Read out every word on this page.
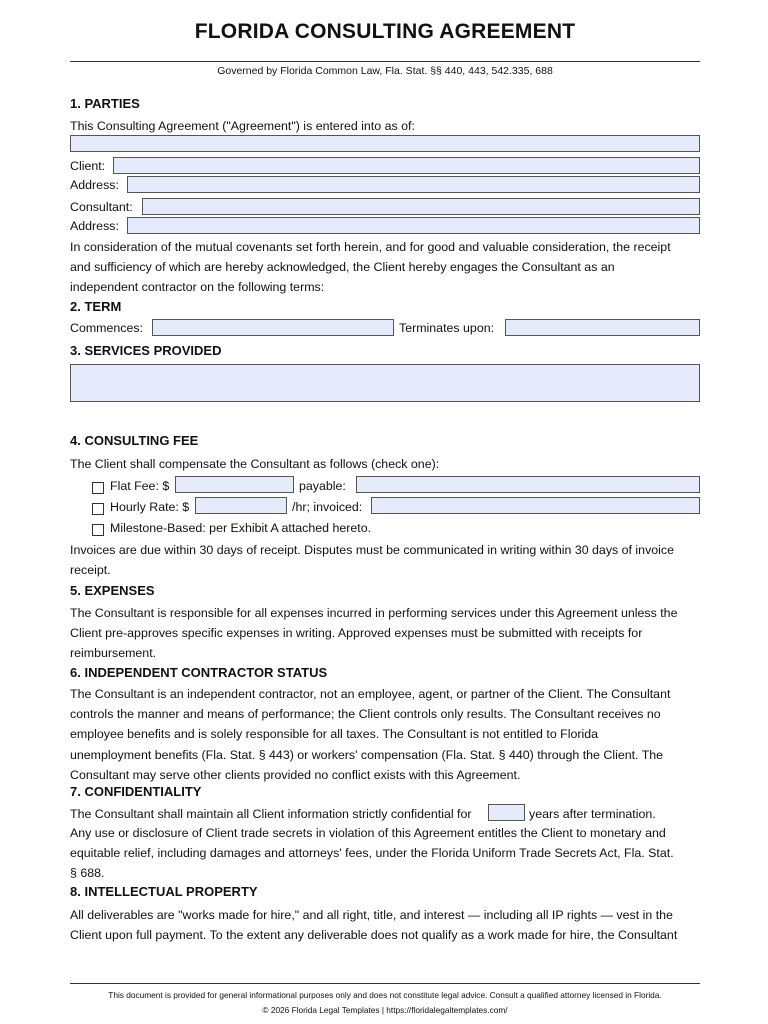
FLORIDA CONSULTING AGREEMENT
Governed by Florida Common Law, Fla. Stat. §§ 440, 443, 542.335, 688
1. PARTIES
This Consulting Agreement ("Agreement") is entered into as of:
Client:
Address:
Consultant:
Address:
In consideration of the mutual covenants set forth herein, and for good and valuable consideration, the receipt
and sufficiency of which are hereby acknowledged, the Client hereby engages the Consultant as an
independent contractor on the following terms:
2. TERM
Commences:	Terminates upon:
3. SERVICES PROVIDED
4. CONSULTING FEE
The Client shall compensate the Consultant as follows (check one):
Flat Fee: $	payable:
Hourly Rate: $	/hr; invoiced:
Milestone-Based: per Exhibit A attached hereto.
Invoices are due within 30 days of receipt. Disputes must be communicated in writing within 30 days of invoice
receipt.
5. EXPENSES
The Consultant is responsible for all expenses incurred in performing services under this Agreement unless the
Client pre-approves specific expenses in writing. Approved expenses must be submitted with receipts for
reimbursement.
6. INDEPENDENT CONTRACTOR STATUS
The Consultant is an independent contractor, not an employee, agent, or partner of the Client. The Consultant
controls the manner and means of performance; the Client controls only results. The Consultant receives no
employee benefits and is solely responsible for all taxes. The Consultant is not entitled to Florida
unemployment benefits (Fla. Stat. § 443) or workers' compensation (Fla. Stat. § 440) through the Client. The
Consultant may serve other clients provided no conflict exists with this Agreement.
7. CONFIDENTIALITY
The Consultant shall maintain all Client information strictly confidential for	years after termination.
Any use or disclosure of Client trade secrets in violation of this Agreement entitles the Client to monetary and
equitable relief, including damages and attorneys' fees, under the Florida Uniform Trade Secrets Act, Fla. Stat.
§ 688.
8. INTELLECTUAL PROPERTY
All deliverables are "works made for hire," and all right, title, and interest — including all IP rights — vest in the
Client upon full payment. To the extent any deliverable does not qualify as a work made for hire, the Consultant
This document is provided for general informational purposes only and does not constitute legal advice. Consult a qualified attorney licensed in Florida.
© 2026 Florida Legal Templates | https://floridalegaltemplates.com/
